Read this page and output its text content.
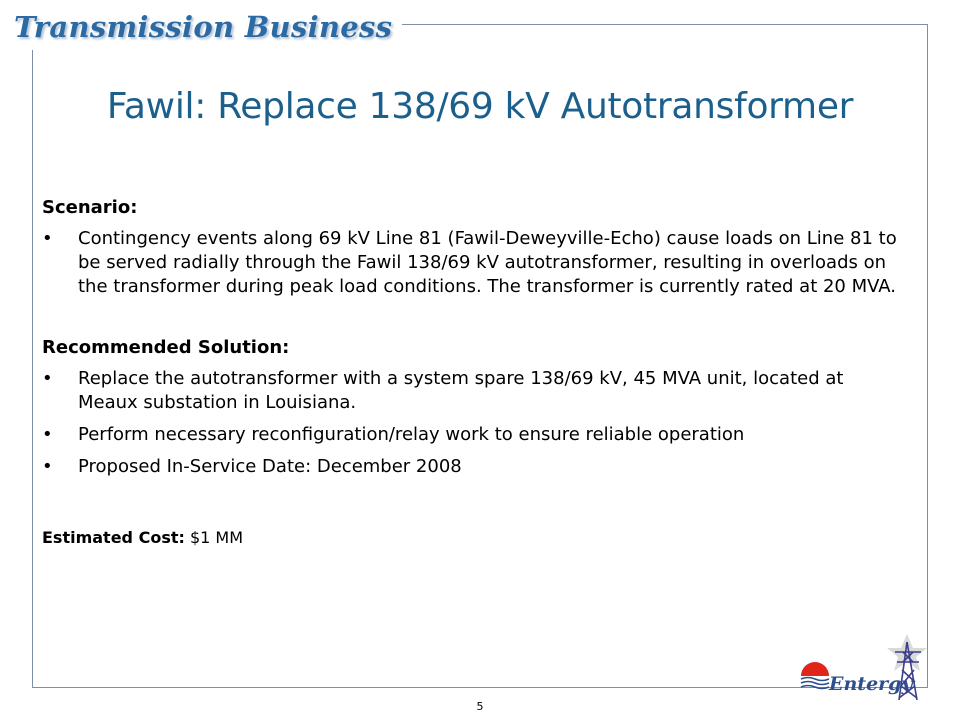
Transmission Business
Fawil: Replace 138/69 kV Autotransformer

Scenario:

• Contingency events along 69 kV Line 81 (Fawil-Deweyville-Echo) cause loads on Line 81 to be served radially through the Fawil 138/69 kV autotransformer, resulting in overloads on the transformer during peak load conditions. The transformer is currently rated at 20 MVA.

Recommended Solution:

• Replace the autotransformer with a system spare 138/69 kV, 45 MVA unit, located at Meaux substation in Louisiana.
• Perform necessary reconfiguration/relay work to ensure reliable operation
• Proposed In-Service Date: December 2008

Estimated Cost: $1 MM

5
Entergy
